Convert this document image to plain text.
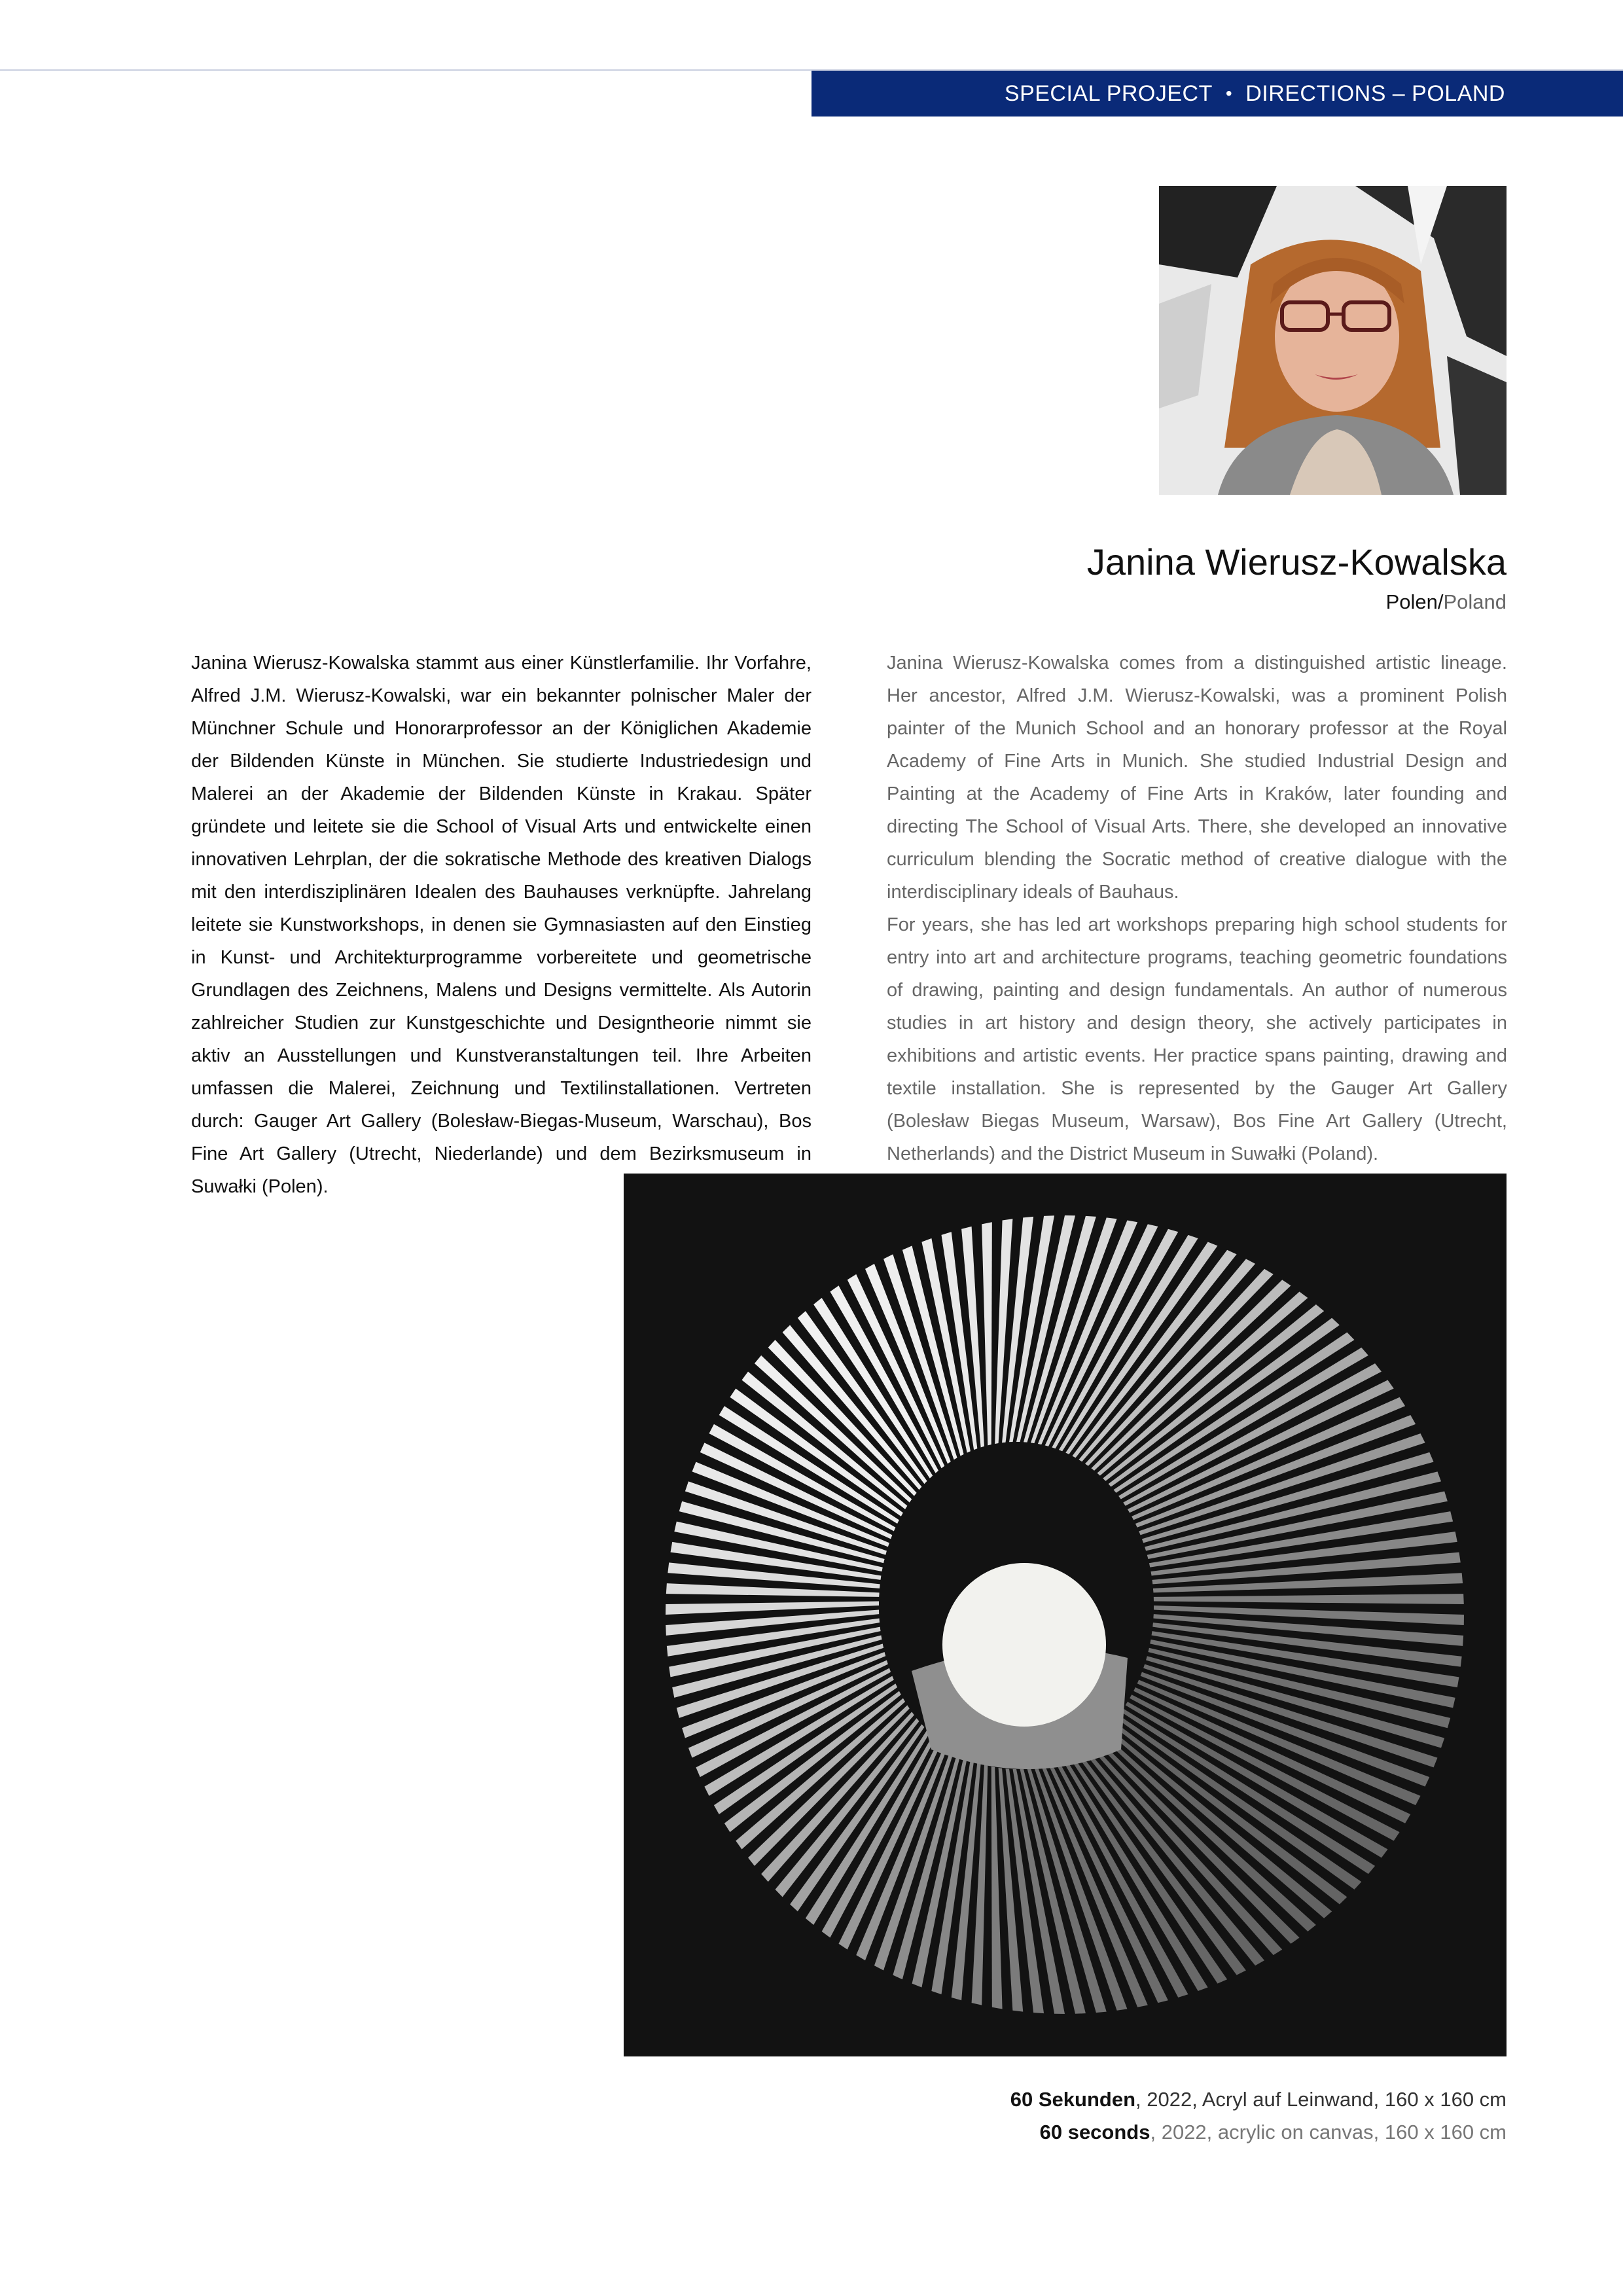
SPECIAL PROJECT • DIRECTIONS – POLAND
Janina Wierusz-Kowalska
Polen/Poland

Janina Wierusz-Kowalska stammt aus einer Künstlerfamilie. Ihr Vorfahre, Alfred J.M. Wierusz-Kowalski, war ein bekannter polnischer Maler der Münchner Schule und Honorarprofessor an der Königlichen Akademie der Bildenden Künste in München. Sie studierte Industriedesign und Malerei an der Akademie der Bildenden Künste in Krakau. Später gründete und leitete sie die School of Visual Arts und entwickelte einen innovativen Lehrplan, der die sokratische Methode des kreativen Dialogs mit den interdisziplinären Idealen des Bauhauses verknüpfte. Jahrelang leitete sie Kunstworkshops, in denen sie Gymnasiasten auf den Einstieg in Kunst- und Architekturprogramme vorbereitete und geometrische Grundlagen des Zeichnens, Malens und Designs vermittelte. Als Autorin zahlreicher Studien zur Kunstgeschichte und Designtheorie nimmt sie aktiv an Ausstellungen und Kunstveranstaltungen teil. Ihre Arbeiten umfassen die Malerei, Zeichnung und Textilinstallationen. Vertreten durch: Gauger Art Gallery (Bolesław-Biegas-Museum, Warschau), Bos Fine Art Gallery (Utrecht, Niederlande) und dem Bezirksmuseum in Suwałki (Polen).

Janina Wierusz-Kowalska comes from a distinguished artistic lineage. Her ancestor, Alfred J.M. Wierusz-Kowalski, was a prominent Polish painter of the Munich School and an honorary professor at the Royal Academy of Fine Arts in Munich. She studied Industrial Design and Painting at the Academy of Fine Arts in Kraków, later founding and directing The School of Visual Arts. There, she developed an innovative curriculum blending the Socratic method of creative dialogue with the interdisciplinary ideals of Bauhaus.

For years, she has led art workshops preparing high school students for entry into art and architecture programs, teaching geometric foundations of drawing, painting and design fundamentals. An author of numerous studies in art history and design theory, she actively participates in exhibitions and artistic events. Her practice spans painting, drawing and textile installation. She is represented by the Gauger Art Gallery (Bolesław Biegas Museum, Warsaw), Bos Fine Art Gallery (Utrecht, Netherlands) and the District Museum in Suwałki (Poland).

60 Sekunden, 2022, Acryl auf Leinwand, 160 x 160 cm
60 seconds, 2022, acrylic on canvas, 160 x 160 cm
